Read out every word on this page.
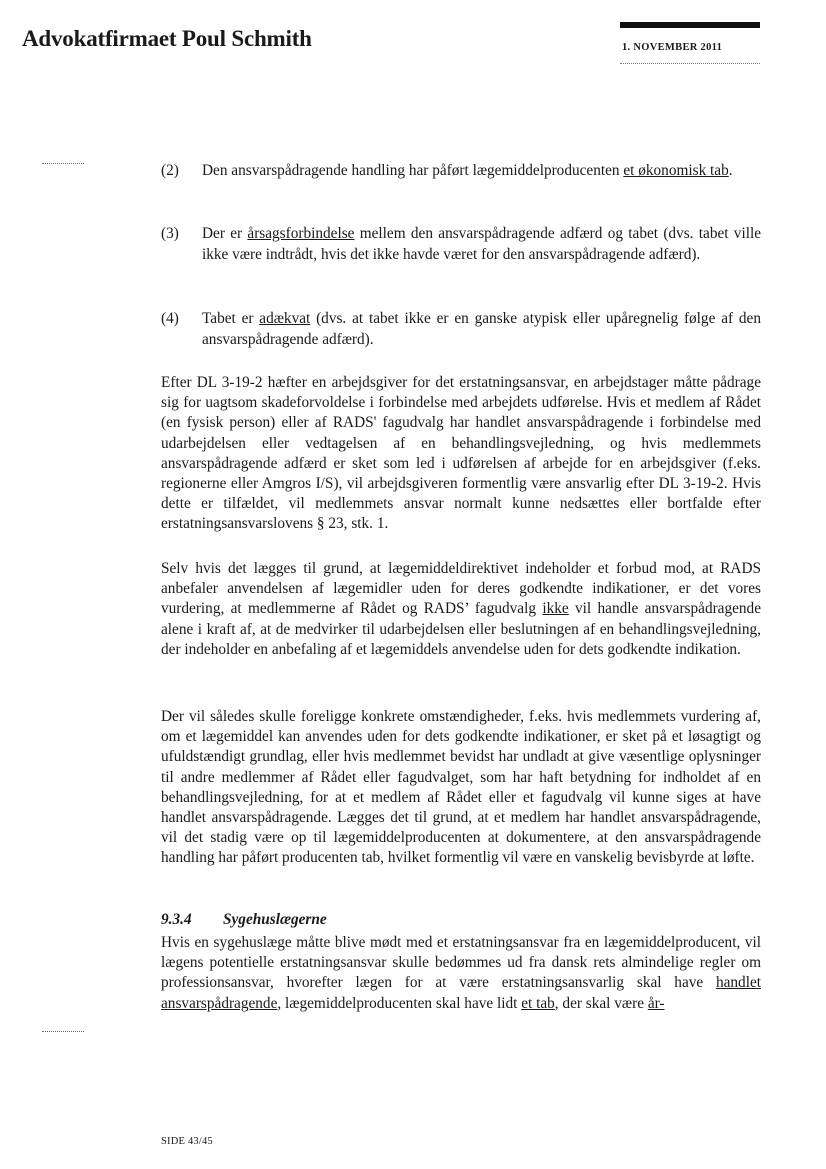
Advokatfirmaet Poul Schmith	1. NOVEMBER 2011
(2) Den ansvarspådragende handling har påført lægemiddelproducenten et økonomisk tab.
(3) Der er årsagsforbindelse mellem den ansvarspådragende adfærd og tabet (dvs. tabet ville ikke være indtrådt, hvis det ikke havde været for den ansvarspådragende adfærd).
(4) Tabet er adækvat (dvs. at tabet ikke er en ganske atypisk eller upåregnelig følge af den ansvarspådragende adfærd).
Efter DL 3-19-2 hæfter en arbejdsgiver for det erstatningsansvar, en arbejdstager måtte pådrage sig for uagtsom skadeforvoldelse i forbindelse med arbejdets udførelse. Hvis et medlem af Rådet (en fysisk person) eller af RADS' fagudvalg har handlet ansvarspådragende i forbindelse med udarbejdelsen eller vedtagelsen af en behandlingsvejledning, og hvis medlemmets ansvarspådragende adfærd er sket som led i udførelsen af arbejde for en arbejdsgiver (f.eks. regionerne eller Amgros I/S), vil arbejdsgiveren formentlig være ansvarlig efter DL 3-19-2. Hvis dette er tilfældet, vil medlemmets ansvar normalt kunne nedsættes eller bortfalde efter erstatningsansvarslovens § 23, stk. 1.
Selv hvis det lægges til grund, at lægemiddeldirektivet indeholder et forbud mod, at RADS anbefaler anvendelsen af lægemidler uden for deres godkendte indikationer, er det vores vurdering, at medlemmerne af Rådet og RADS’ fagudvalg ikke vil handle ansvarspådragende alene i kraft af, at de medvirker til udarbejdelsen eller beslutningen af en behandlingsvejledning, der indeholder en anbefaling af et lægemiddels anvendelse uden for dets godkendte indikation.
Der vil således skulle foreligge konkrete omstændigheder, f.eks. hvis medlemmets vurdering af, om et lægemiddel kan anvendes uden for dets godkendte indikationer, er sket på et løsagtigt og ufuldstændigt grundlag, eller hvis medlemmet bevidst har undladt at give væsentlige oplysninger til andre medlemmer af Rådet eller fagudvalget, som har haft betydning for indholdet af en behandlingsvejledning, for at et medlem af Rådet eller et fagudvalg vil kunne siges at have handlet ansvarspådragende. Lægges det til grund, at et medlem har handlet ansvarspådragende, vil det stadig være op til lægemiddelproducenten at dokumentere, at den ansvarspådragende handling har påført producenten tab, hvilket formentlig vil være en vanskelig bevisbyrde at løfte.
9.3.4 Sygehuslægerne
Hvis en sygehuslæge måtte blive mødt med et erstatningsansvar fra en lægemiddelproducent, vil lægens potentielle erstatningsansvar skulle bedømmes ud fra dansk rets almindelige regler om professionsansvar, hvorefter lægen for at være erstatningsansvarlig skal have handlet ansvarspådragende, lægemiddelproducenten skal have lidt et tab, der skal være år-
SIDE 43/45
